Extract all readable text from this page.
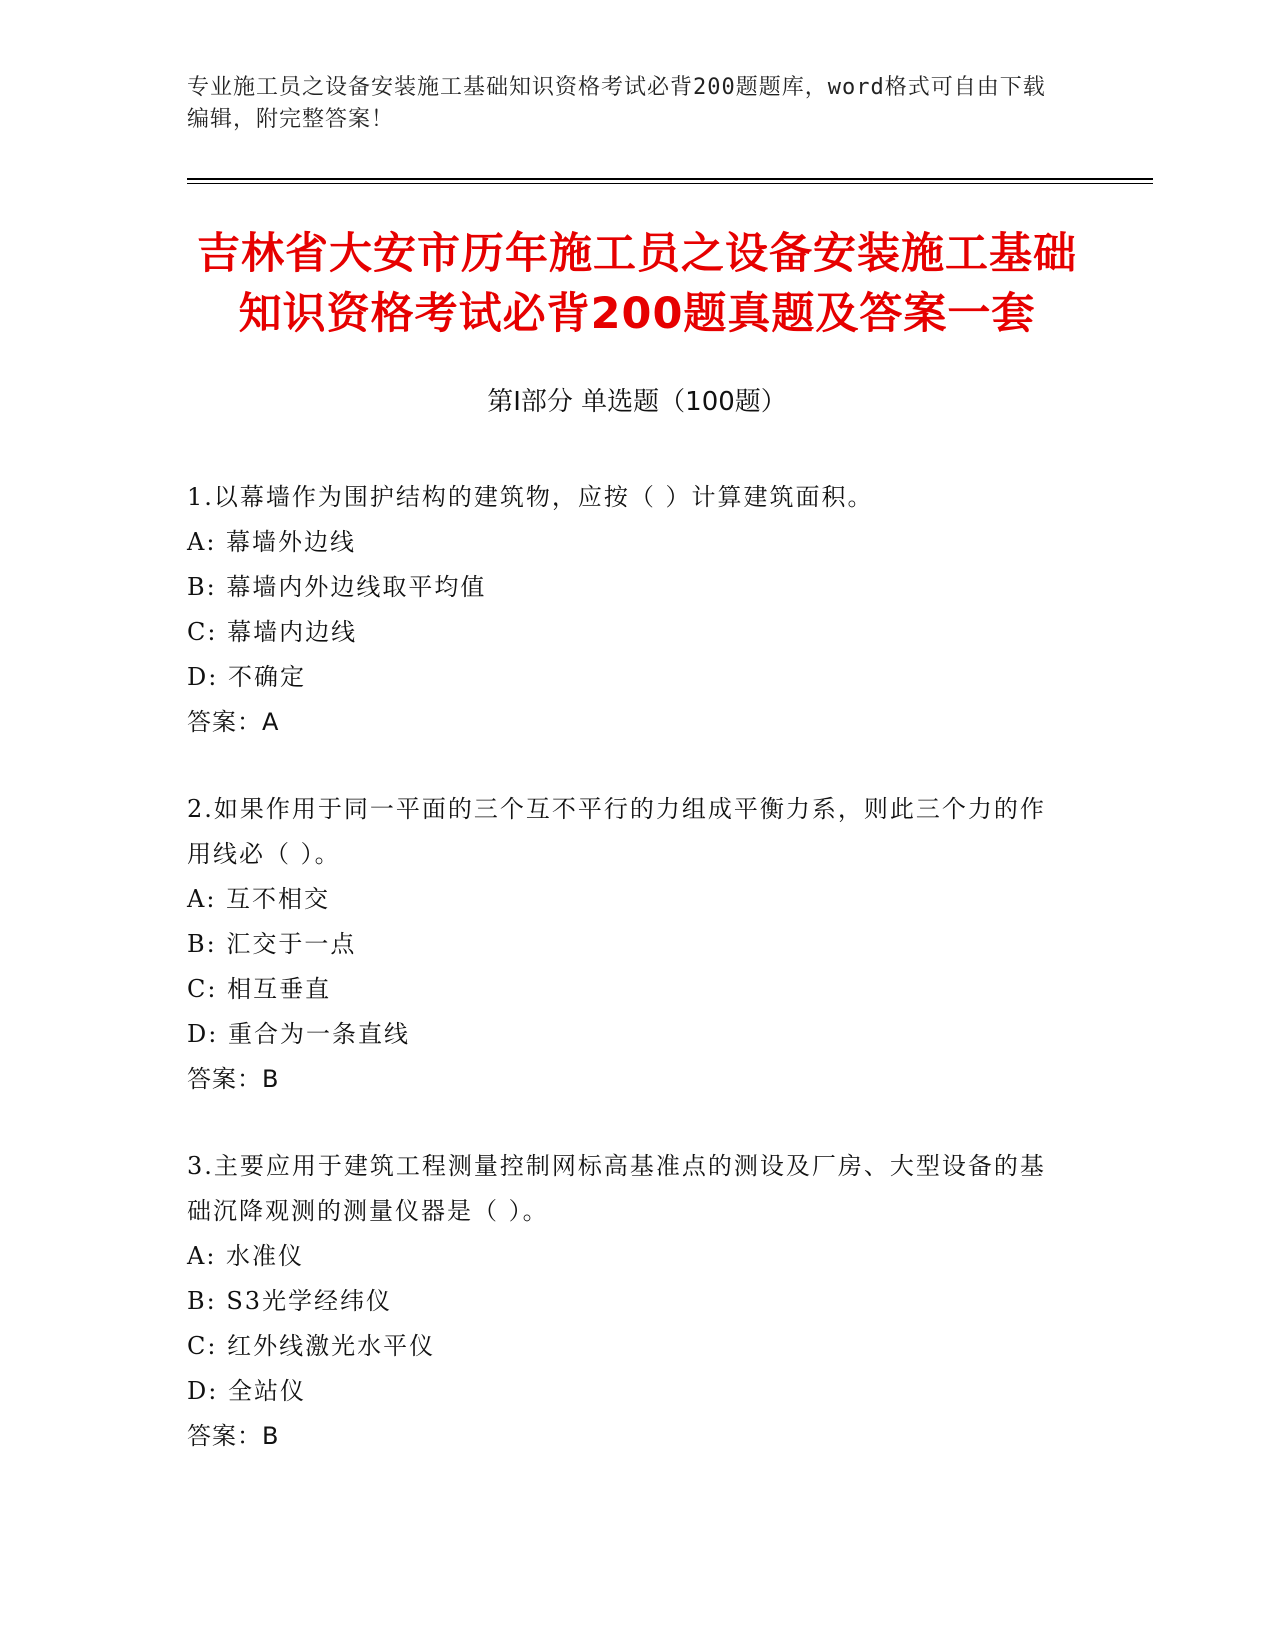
专业施工员之设备安装施工基础知识资格考试必背200题题库，word格式可自由下载编辑，附完整答案！
吉林省大安市历年施工员之设备安装施工基础知识资格考试必背200题真题及答案一套
第I部分 单选题（100题）
1.以幕墙作为围护结构的建筑物，应按（ ）计算建筑面积。
A: 幕墙外边线
B: 幕墙内外边线取平均值
C: 幕墙内边线
D: 不确定
答案：A
2.如果作用于同一平面的三个互不平行的力组成平衡力系，则此三个力的作用线必（ ）。
A: 互不相交
B: 汇交于一点
C: 相互垂直
D: 重合为一条直线
答案：B
3.主要应用于建筑工程测量控制网标高基准点的测设及厂房、大型设备的基础沉降观测的测量仪器是（ ）。
A: 水准仪
B: S3光学经纬仪
C: 红外线激光水平仪
D: 全站仪
答案：B
